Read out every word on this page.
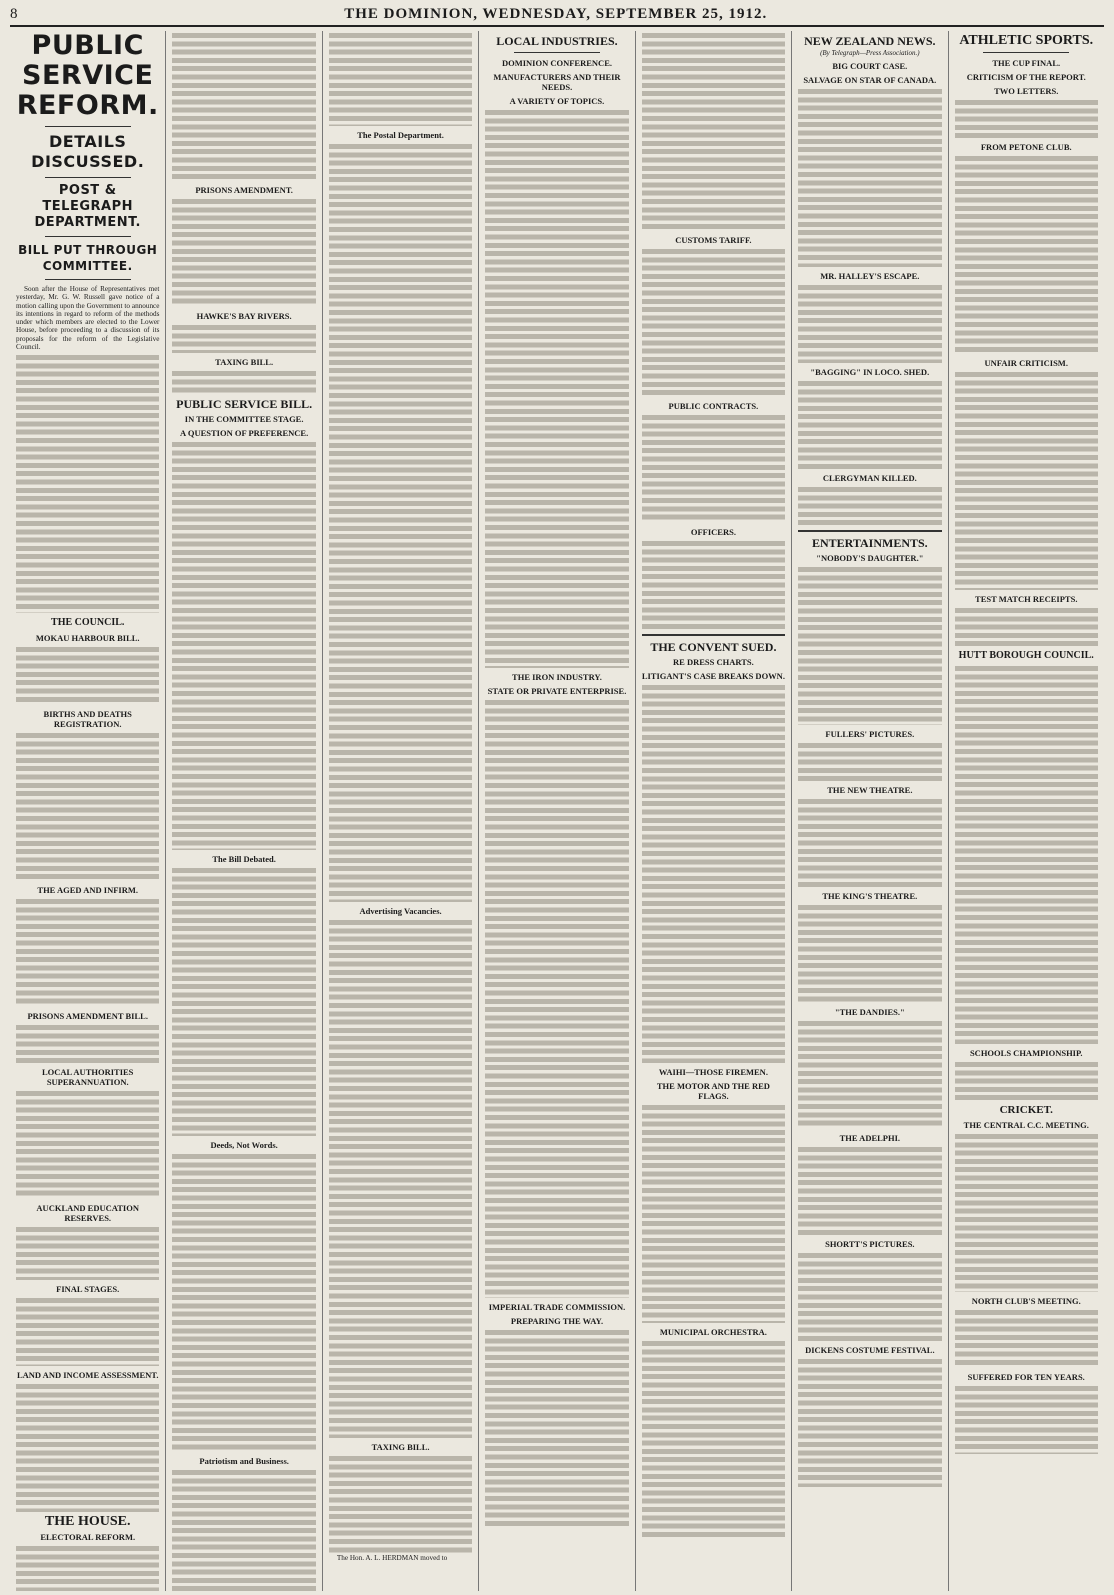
8	THE DOMINION, WEDNESDAY, SEPTEMBER 25, 1912.
PUBLIC SERVICE REFORM.
DETAILS DISCUSSED.
POST & TELEGRAPH DEPARTMENT.
BILL PUT THROUGH COMMITTEE.

Soon after the House of Representatives met yesterday, Mr. G. W. Russell gave notice of a motion calling upon the Government to announce its intentions in regard to reform of the methods under which members are elected to the Lower House, before proceeding to a discussion of its proposals for the reform of the Legislative Council.

THE COUNCIL.
MOKAU HARBOUR BILL.
BIRTHS AND DEATHS REGISTRATION.
THE AGED AND INFIRM.
PRISONS AMENDMENT BILL.
LOCAL AUTHORITIES SUPERANNUATION.
AUCKLAND EDUCATION RESERVES.
FINAL STAGES.
LAND AND INCOME ASSESSMENT.
THE HOUSE.
ELECTORAL REFORM.
PRISONS AMENDMENT.
HAWKE'S BAY RIVERS.
TAXING BILL.
PUBLIC SERVICE BILL.
IN THE COMMITTEE STAGE.
A QUESTION OF PREFERENCE.
The Bill Debated.
Deeds, Not Words.
Patriotism and Business.
The Postal Department.
Advertising Vacancies.
TAXING BILL.

The Hon. A. L. HERDMAN moved to

LOCAL INDUSTRIES.
DOMINION CONFERENCE.
MANUFACTURERS AND THEIR NEEDS.
A VARIETY OF TOPICS.
THE IRON INDUSTRY.
STATE OR PRIVATE ENTERPRISE.
IMPERIAL TRADE COMMISSION.
PREPARING THE WAY.
CUSTOMS TARIFF.
PUBLIC CONTRACTS.
OFFICERS.
THE CONVENT SUED.
RE DRESS CHARTS.
LITIGANT'S CASE BREAKS DOWN.
WAIHI—THOSE FIREMEN.
THE MOTOR AND THE RED FLAGS.
MUNICIPAL ORCHESTRA.
NEW ZEALAND NEWS.
(By Telegraph—Press Association.)
BIG COURT CASE.
SALVAGE ON STAR OF CANADA.
MR. HALLEY'S ESCAPE.
"BAGGING" IN LOCO. SHED.
CLERGYMAN KILLED.
ENTERTAINMENTS.
"NOBODY'S DAUGHTER."
FULLERS' PICTURES.
THE NEW THEATRE.
THE KING'S THEATRE.
"THE DANDIES."
THE ADELPHI.
SHORTT'S PICTURES.
DICKENS COSTUME FESTIVAL.
ATHLETIC SPORTS.
THE CUP FINAL.
CRITICISM OF THE REPORT.
TWO LETTERS.
FROM PETONE CLUB.
UNFAIR CRITICISM.
TEST MATCH RECEIPTS.
HUTT BOROUGH COUNCIL.
SCHOOLS CHAMPIONSHIP.
CRICKET.
THE CENTRAL C.C. MEETING.
NORTH CLUB'S MEETING.
SUFFERED FOR TEN YEARS.
